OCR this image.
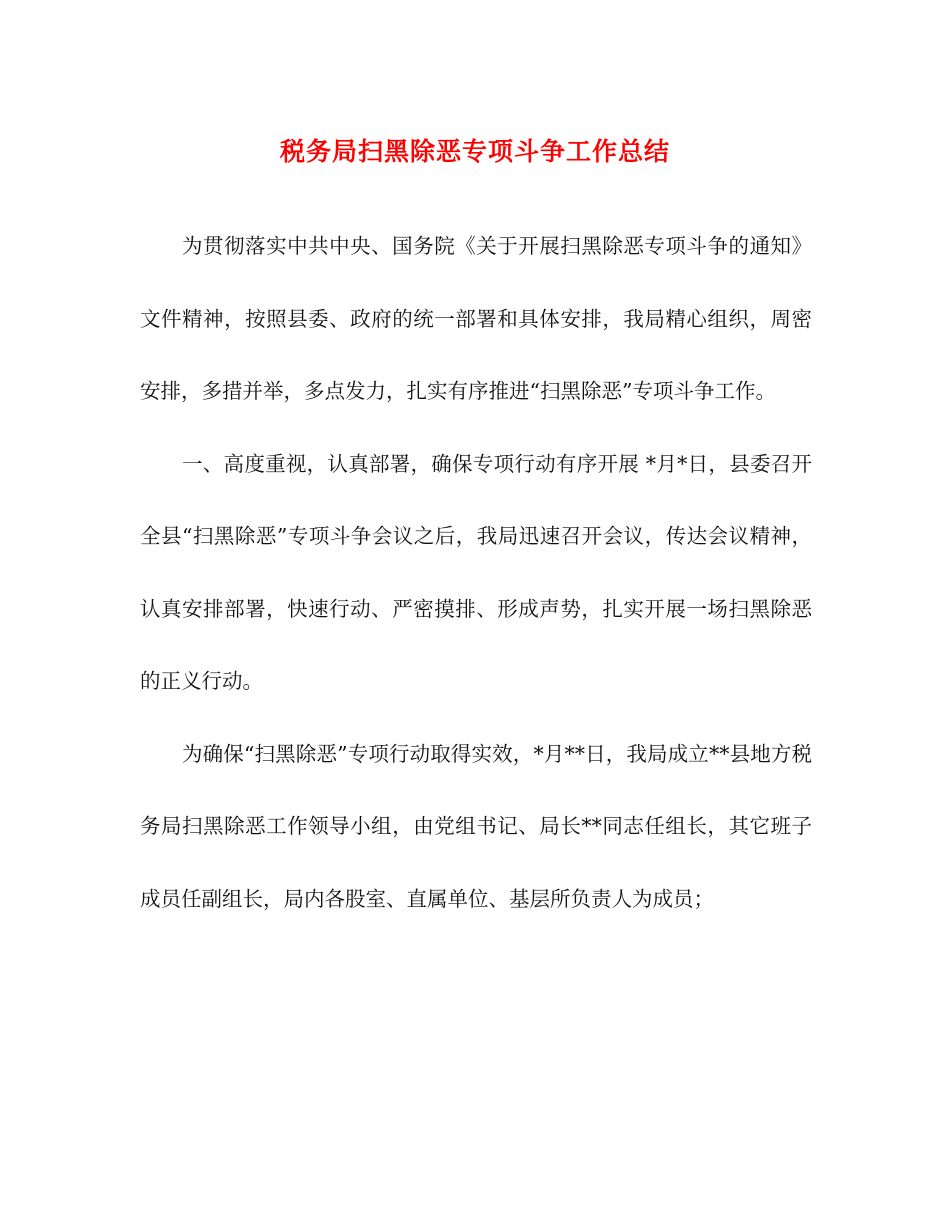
税务局扫黑除恶专项斗争工作总结

为贯彻落实中共中央、国务院《关于开展扫黑除恶专项斗争的通知》文件精神，按照县委、政府的统一部署和具体安排，我局精心组织，周密安排，多措并举，多点发力，扎实有序推进“扫黑除恶”专项斗争工作。

一、高度重视，认真部署，确保专项行动有序开展 *月*日，县委召开全县“扫黑除恶”专项斗争会议之后，我局迅速召开会议，传达会议精神，认真安排部署，快速行动、严密摸排、形成声势，扎实开展一场扫黑除恶的正义行动。

为确保“扫黑除恶”专项行动取得实效，*月**日，我局成立**县地方税务局扫黑除恶工作领导小组，由党组书记、局长**同志任组长，其它班子成员任副组长，局内各股室、直属单位、基层所负责人为成员；
